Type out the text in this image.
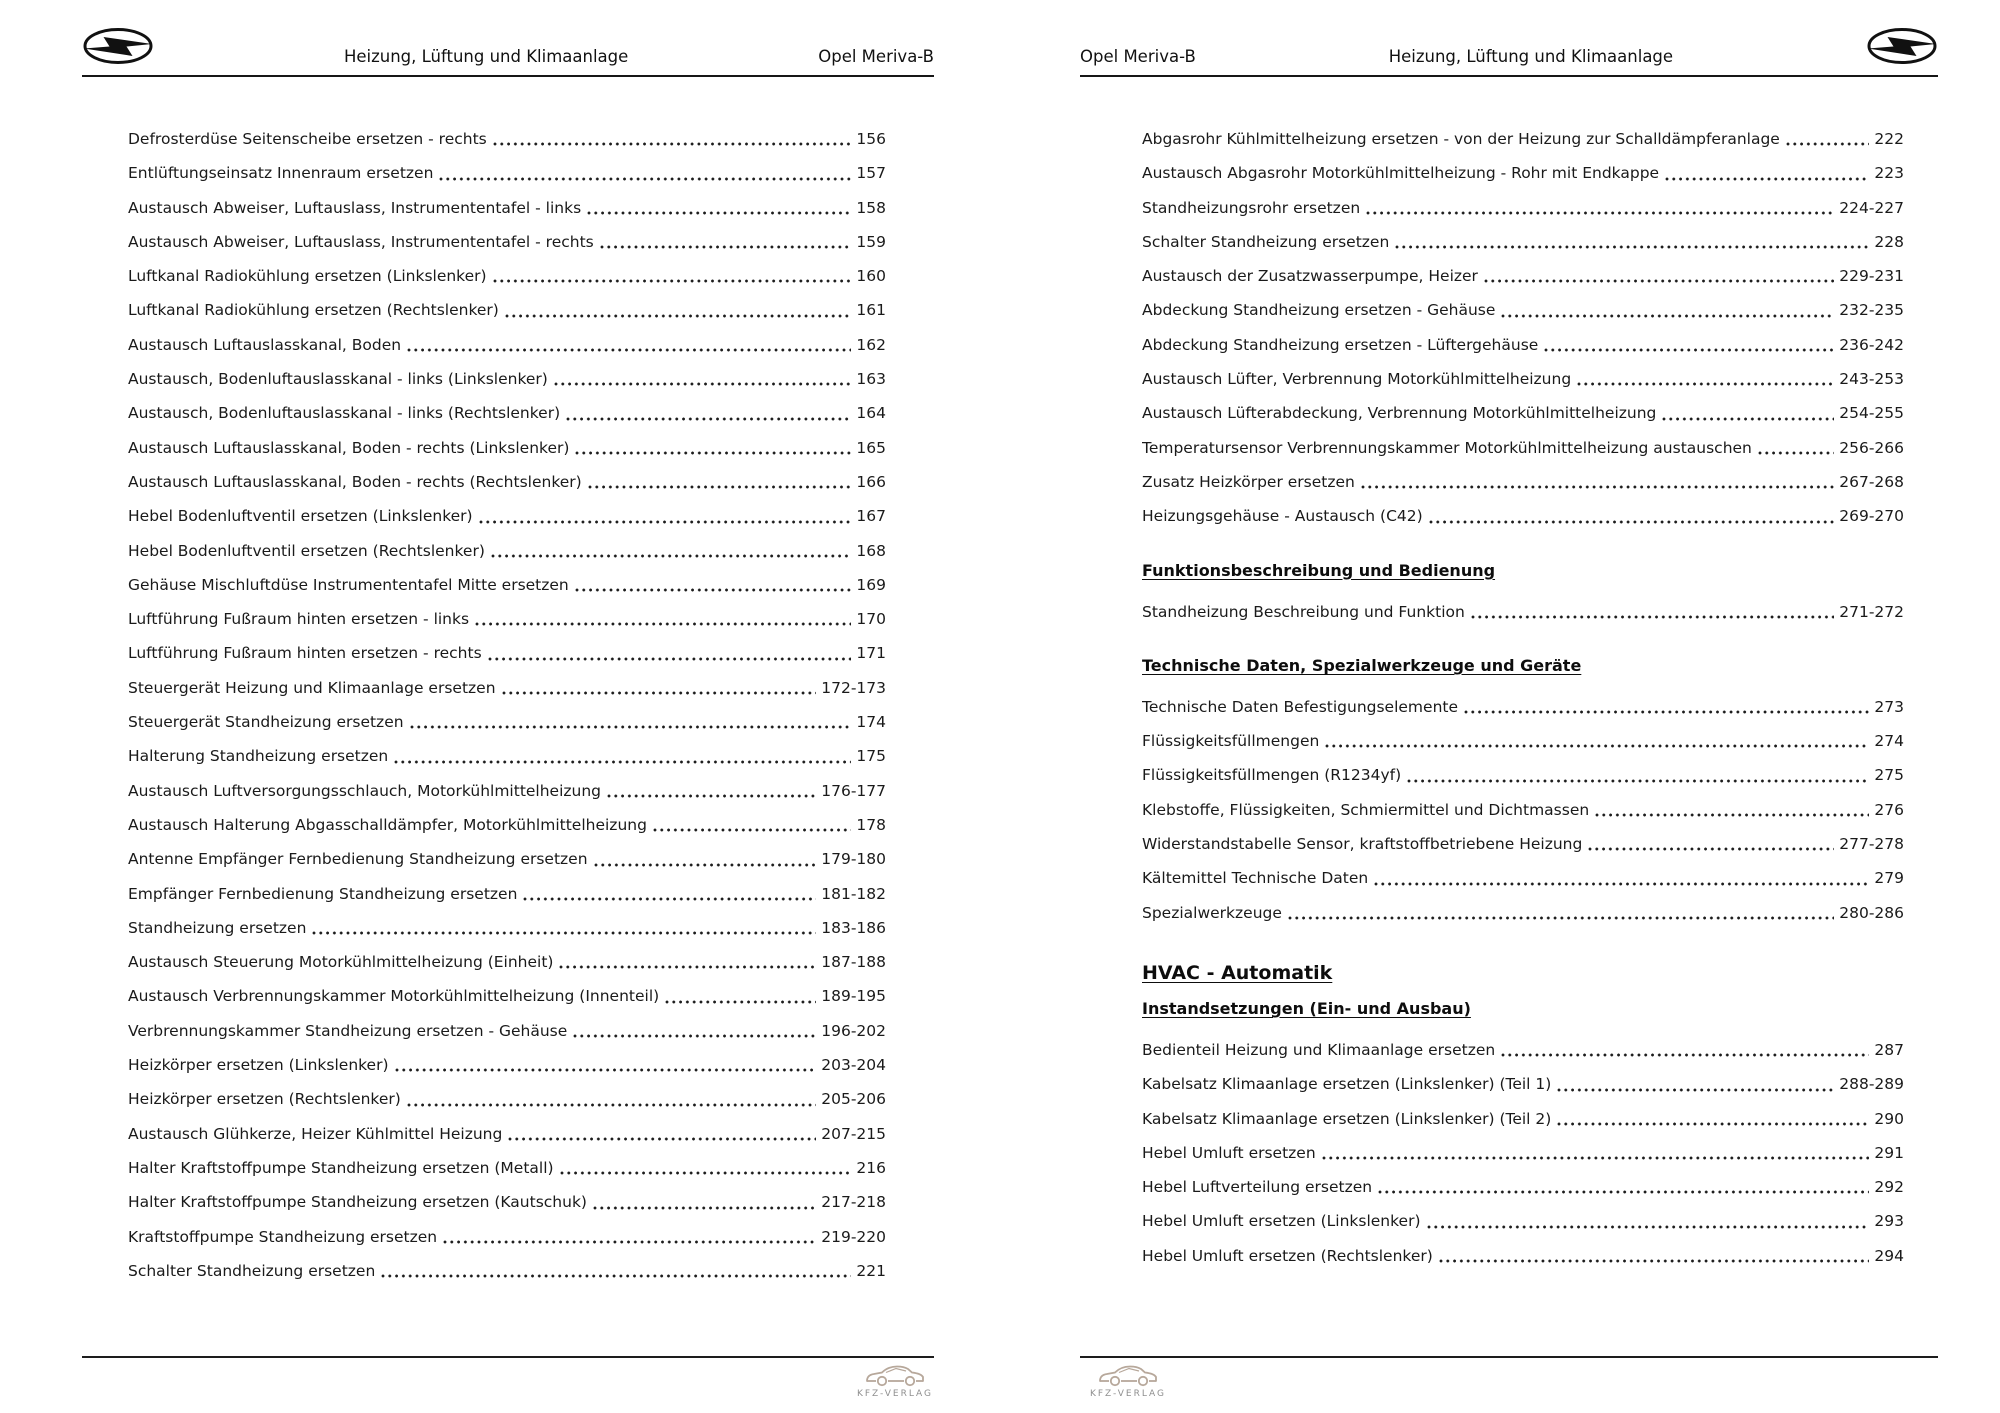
Heizung, Lüftung und Klimaanlage	Opel Meriva-B
Defrosterdüse Seitenscheibe ersetzen - rechts	156
Entlüftungseinsatz Innenraum ersetzen	157
Austausch Abweiser, Luftauslass, Instrumententafel - links	158
Austausch Abweiser, Luftauslass, Instrumententafel - rechts	159
Luftkanal Radiokühlung ersetzen (Linkslenker)	160
Luftkanal Radiokühlung ersetzen (Rechtslenker)	161
Austausch Luftauslasskanal, Boden	162
Austausch, Bodenluftauslasskanal - links (Linkslenker)	163
Austausch, Bodenluftauslasskanal - links (Rechtslenker)	164
Austausch Luftauslasskanal, Boden - rechts (Linkslenker)	165
Austausch Luftauslasskanal, Boden - rechts (Rechtslenker)	166
Hebel Bodenluftventil ersetzen (Linkslenker)	167
Hebel Bodenluftventil ersetzen (Rechtslenker)	168
Gehäuse Mischluftdüse Instrumententafel Mitte ersetzen	169
Luftführung Fußraum hinten ersetzen - links	170
Luftführung Fußraum hinten ersetzen - rechts	171
Steuergerät Heizung und Klimaanlage ersetzen	172-173
Steuergerät Standheizung ersetzen	174
Halterung Standheizung ersetzen	175
Austausch Luftversorgungsschlauch, Motorkühlmittelheizung	176-177
Austausch Halterung Abgasschalldämpfer, Motorkühlmittelheizung	178
Antenne Empfänger Fernbedienung Standheizung ersetzen	179-180
Empfänger Fernbedienung Standheizung ersetzen	181-182
Standheizung ersetzen	183-186
Austausch Steuerung Motorkühlmittelheizung (Einheit)	187-188
Austausch Verbrennungskammer Motorkühlmittelheizung (Innenteil)	189-195
Verbrennungskammer Standheizung ersetzen - Gehäuse	196-202
Heizkörper ersetzen (Linkslenker)	203-204
Heizkörper ersetzen (Rechtslenker)	205-206
Austausch Glühkerze, Heizer Kühlmittel Heizung	207-215
Halter Kraftstoffpumpe Standheizung ersetzen (Metall)	216
Halter Kraftstoffpumpe Standheizung ersetzen (Kautschuk)	217-218
Kraftstoffpumpe Standheizung ersetzen	219-220
Schalter Standheizung ersetzen	221
KFZ-VERLAG
Opel Meriva-B	Heizung, Lüftung und Klimaanlage
Abgasrohr Kühlmittelheizung ersetzen - von der Heizung zur Schalldämpferanlage	222
Austausch Abgasrohr Motorkühlmittelheizung - Rohr mit Endkappe	223
Standheizungsrohr ersetzen	224-227
Schalter Standheizung ersetzen	228
Austausch der Zusatzwasserpumpe, Heizer	229-231
Abdeckung Standheizung ersetzen - Gehäuse	232-235
Abdeckung Standheizung ersetzen - Lüftergehäuse	236-242
Austausch Lüfter, Verbrennung Motorkühlmittelheizung	243-253
Austausch Lüfterabdeckung, Verbrennung Motorkühlmittelheizung	254-255
Temperatursensor Verbrennungskammer Motorkühlmittelheizung austauschen	256-266
Zusatz Heizkörper ersetzen	267-268
Heizungsgehäuse - Austausch (C42)	269-270
Funktionsbeschreibung und Bedienung
Standheizung Beschreibung und Funktion	271-272
Technische Daten, Spezialwerkzeuge und Geräte
Technische Daten Befestigungselemente	273
Flüssigkeitsfüllmengen	274
Flüssigkeitsfüllmengen (R1234yf)	275
Klebstoffe, Flüssigkeiten, Schmiermittel und Dichtmassen	276
Widerstandstabelle Sensor, kraftstoffbetriebene Heizung	277-278
Kältemittel Technische Daten	279
Spezialwerkzeuge	280-286
HVAC - Automatik
Instandsetzungen (Ein- und Ausbau)
Bedienteil Heizung und Klimaanlage ersetzen	287
Kabelsatz Klimaanlage ersetzen (Linkslenker) (Teil 1)	288-289
Kabelsatz Klimaanlage ersetzen (Linkslenker) (Teil 2)	290
Hebel Umluft ersetzen	291
Hebel Luftverteilung ersetzen	292
Hebel Umluft ersetzen (Linkslenker)	293
Hebel Umluft ersetzen (Rechtslenker)	294
KFZ-VERLAG
